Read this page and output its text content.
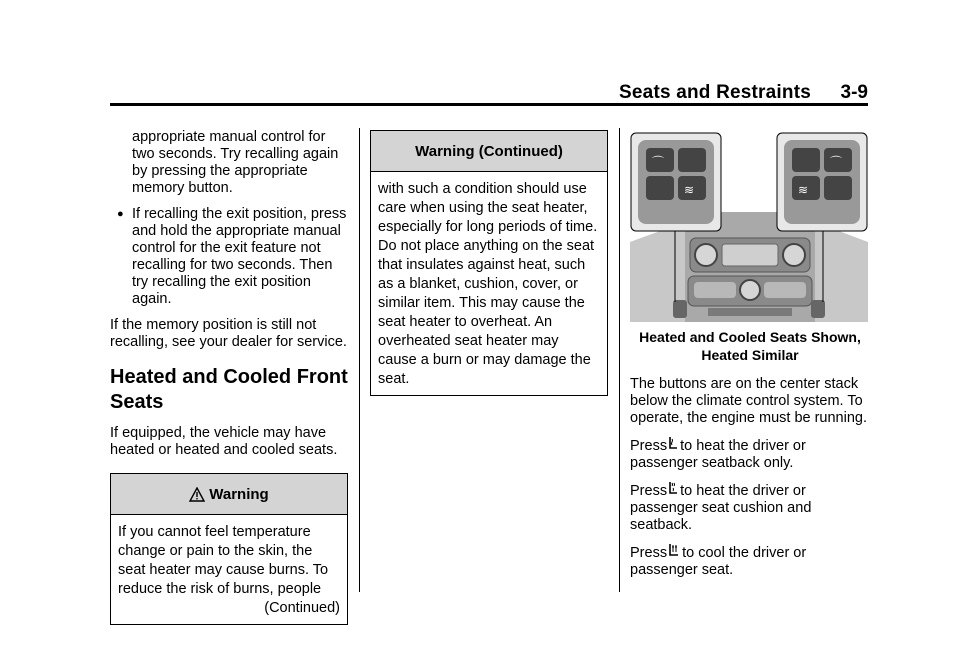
Seats and Restraints 3-9

appropriate manual control for two seconds. Try recalling again by pressing the appropriate memory button.

● If recalling the exit position, press and hold the appropriate manual control for the exit feature not recalling for two seconds. Then try recalling the exit position again.

If the memory position is still not recalling, see your dealer for service.

Heated and Cooled Front Seats

If equipped, the vehicle may have heated or heated and cooled seats.

Warning
If you cannot feel temperature change or pain to the skin, the seat heater may cause burns. To reduce the risk of burns, people
(Continued)
Warning (Continued)
with such a condition should use care when using the seat heater, especially for long periods of time. Do not place anything on the seat that insulates against heat, such as a blanket, cushion, cover, or similar item. This may cause the seat heater to overheat. An overheated seat heater may cause a burn or may damage the seat.
⌒
≋	≋
⌒
Heated and Cooled Seats Shown, Heated Similar

The buttons are on the center stack below the climate control system. To operate, the engine must be running.

Press to heat the driver or passenger seatback only.

Press to heat the driver or passenger seat cushion and seatback.

Press to cool the driver or passenger seat.
